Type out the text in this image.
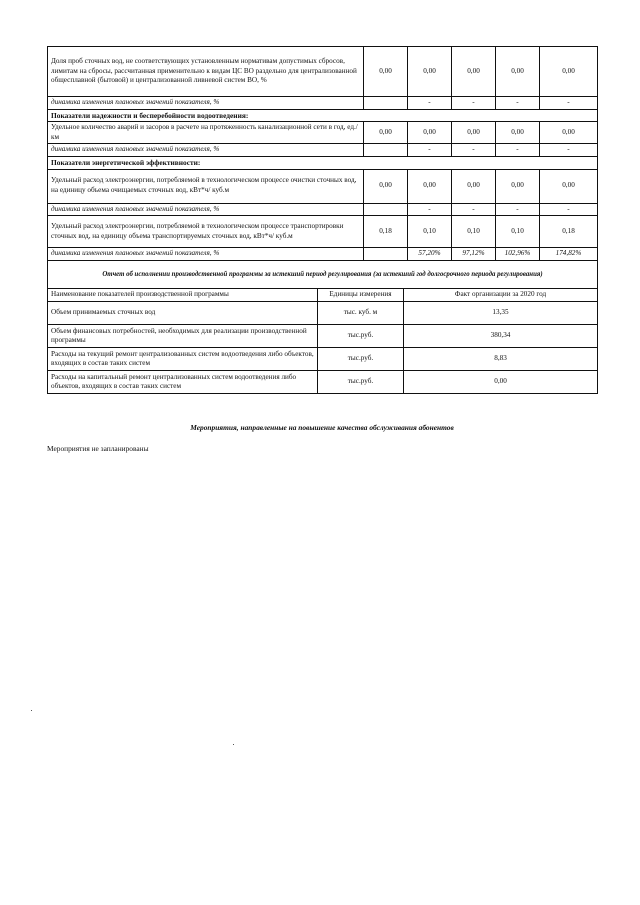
Доля проб сточных вод, не соответствующих установленным нормативам допустимых сбросов, лимитам на сбросы, рассчитанная применительно к видам ЦС ВО раздельно для централизованной общесплавной (бытовой) и централизованной ливневой систем ВО, %	0,00	0,00	0,00	0,00	0,00
динамика изменения плановых значений показателя, %		-	-	-	-
Показатели надежности и бесперебойности водоотведения:					
Удельное количество аварий и засоров в расчете на протяженность канализационной сети в год, ед./км	0,00	0,00	0,00	0,00	0,00
динамика изменения плановых значений показателя, %		-	-	-	-
Показатели энергетической эффективности:					
Удельный расход электроэнергии, потребляемой в технологическом процессе очистки сточных вод, на единицу объема очищаемых сточных вод, кВт*ч/ куб.м	0,00	0,00	0,00	0,00	0,00
динамика изменения плановых значений показателя, %		-	-	-	-
Удельный расход электроэнергии, потребляемой в технологическом процессе транспортировки сточных вод, на единицу объема транспортируемых сточных вод, кВт*ч/ куб.м	0,18	0,10	0,10	0,10	0,18
динамика изменения плановых значений показателя, %		57,20%	97,12%	102,96%	174,82%
Отчет об исполнении производственной программы за истекший период регулирования (за истекший год долгосрочного периода регулирования)		
Наименование показателей производственной программы	Единицы измерения	Факт организации за 2020 год
Объем принимаемых сточных вод	тыс. куб. м	13,35
Объем финансовых потребностей, необходимых для реализации производственной программы	тыс.руб.	380,34
Расходы на текущий ремонт централизованных систем водоотведения либо объектов, входящих в состав таких систем	тыс.руб.	8,83
Расходы на капитальный ремонт централизованных систем водоотведения либо объектов, входящих в состав таких систем	тыс.руб.	0,00
Мероприятия, направленные на повышение качества обслуживания абонентов
Мероприятия не запланированы
